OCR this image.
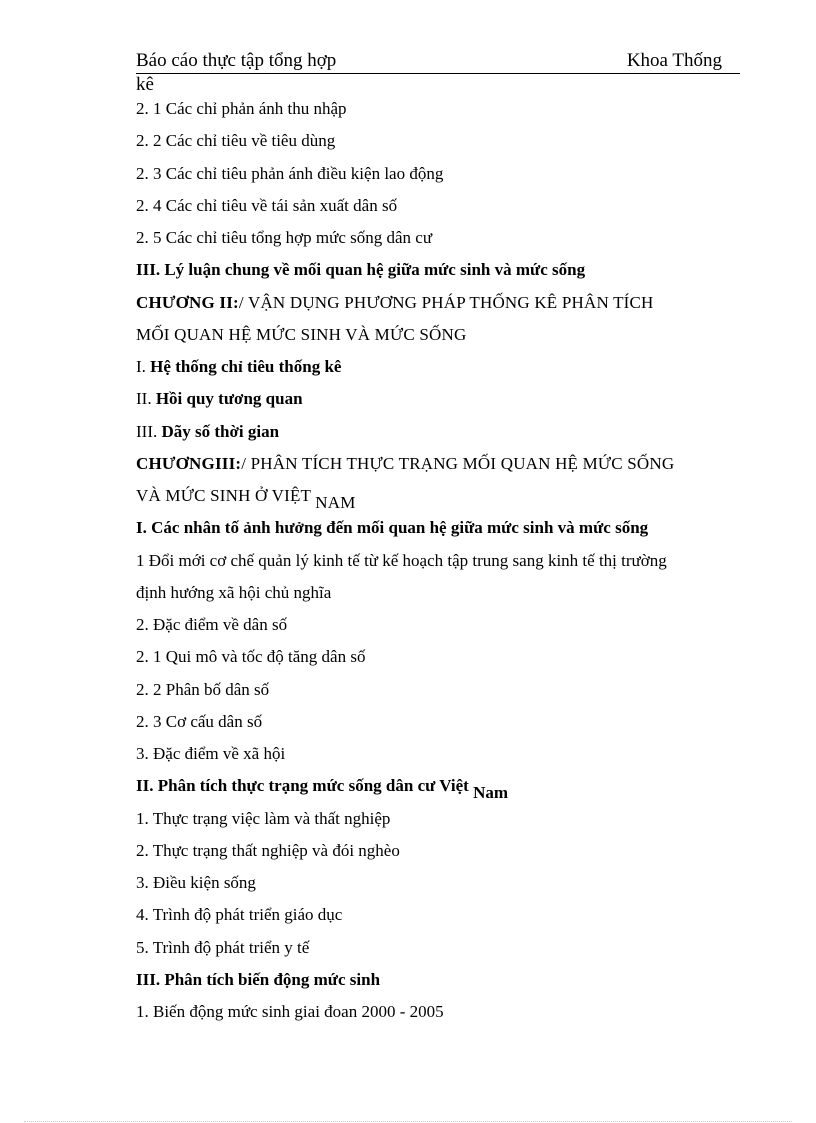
Báo cáo thực tập tổng hợp	Khoa Thống
kê
2. 1 Các chỉ phản ánh thu nhập
2. 2 Các chỉ tiêu về tiêu dùng
2. 3 Các chỉ tiêu phản ánh điều kiện lao động
2. 4 Các chỉ tiêu về tái sản xuất dân số
2. 5 Các chỉ tiêu tổng hợp mức sống dân cư
III. Lý luận chung về mối quan hệ giữa mức sinh và mức sống
CHƯƠNG II:/ VẬN DỤNG PHƯƠNG PHÁP THỐNG KÊ PHÂN TÍCH
MỐI QUAN HỆ MỨC SINH VÀ MỨC SỐNG
I. Hệ thống chỉ tiêu thống kê
II. Hồi quy tương quan
III. Dãy số thời gian
CHƯƠNGIII:/ PHÂN TÍCH THỰC TRẠNG MỐI QUAN HỆ MỨC SỐNG
VÀ MỨC SINH Ở VIỆT NAM
I. Các nhân tố ảnh hưởng đến mối quan hệ giữa mức sinh và mức sống
1 Đổi mới cơ chế quản lý kinh tế từ kế hoạch tập trung sang kinh tế thị trường
định hướng xã hội chủ nghĩa
2. Đặc điểm về dân số
2. 1 Qui mô và tốc độ tăng dân số
2. 2 Phân bố dân số
2. 3 Cơ cấu dân số
3. Đặc điểm về xã hội
II. Phân tích thực trạng mức sống dân cư Việt Nam
1. Thực trạng việc làm và thất nghiệp
2. Thực trạng thất nghiệp và đói nghèo
3. Điều kiện sống
4. Trình độ phát triển giáo dục
5. Trình độ phát triển y tế
III. Phân tích biến động mức sinh
1. Biến động mức sinh giai đoan 2000 - 2005
